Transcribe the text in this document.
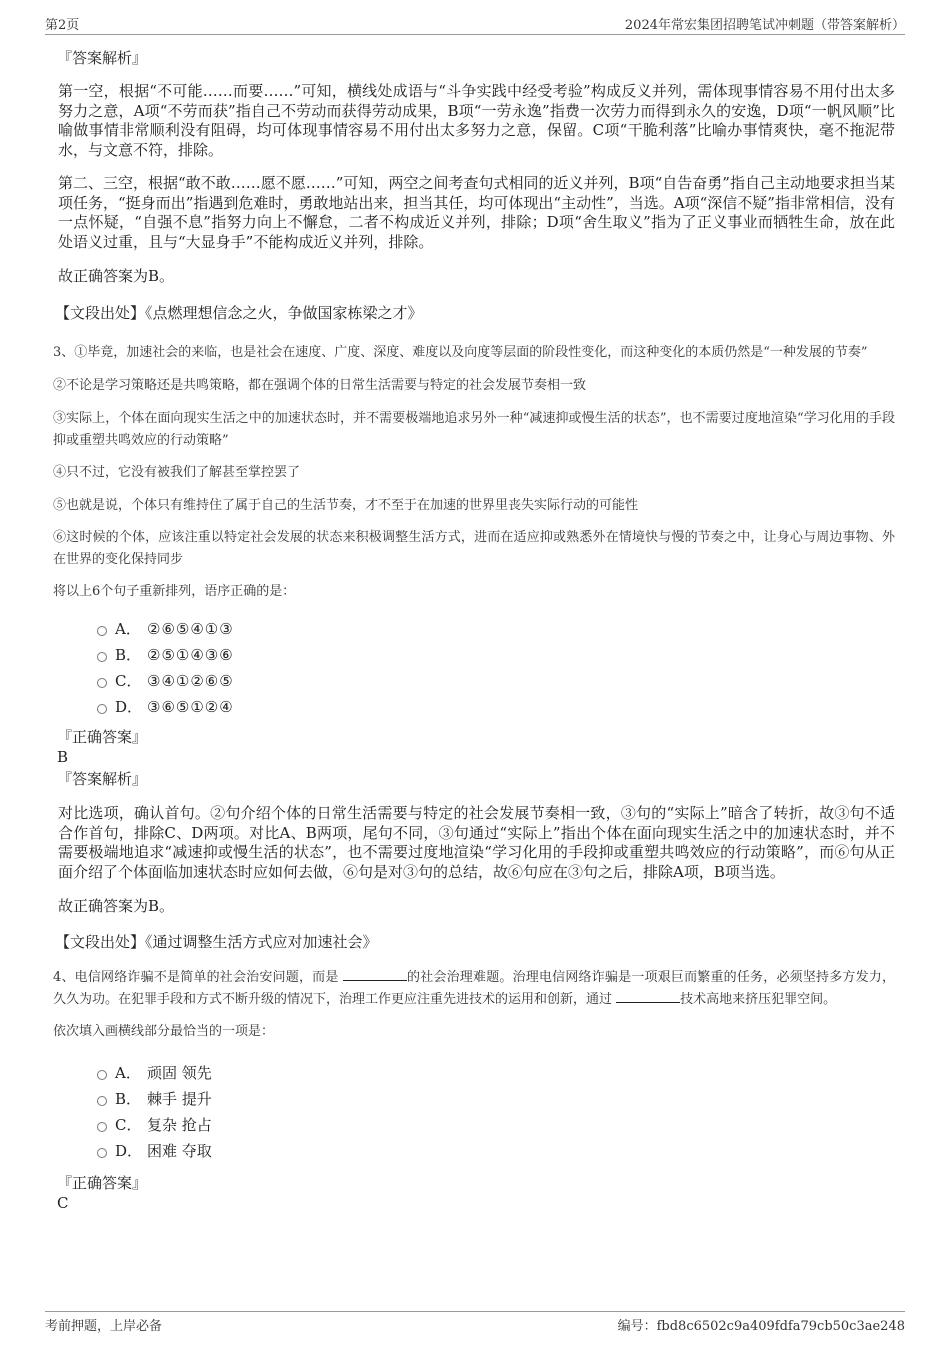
第2页	2024年常宏集团招聘笔试冲刺题（带答案解析）
『答案解析』
第一空，根据“不可能……而要……”可知，横线处成语与“斗争实践中经受考验”构成反义并列，需体现事情容易不用付出太多努力之意，A项“不劳而获”指自己不劳动而获得劳动成果，B项“一劳永逸”指费一次劳力而得到永久的安逸，D项“一帆风顺”比喻做事情非常顺利没有阻碍，均可体现事情容易不用付出太多努力之意，保留。C项“干脆利落”比喻办事情爽快，毫不拖泥带水，与文意不符，排除。
第二、三空，根据“敢不敢……愿不愿……”可知，两空之间考查句式相同的近义并列，B项“自告奋勇”指自己主动地要求担当某项任务，“挺身而出”指遇到危难时，勇敢地站出来，担当其任，均可体现出“主动性”，当选。A项“深信不疑”指非常相信，没有一点怀疑，“自强不息”指努力向上不懈怠，二者不构成近义并列，排除；D项“舍生取义”指为了正义事业而牺牲生命，放在此处语义过重，且与“大显身手”不能构成近义并列，排除。
故正确答案为B。
【文段出处】《点燃理想信念之火，争做国家栋梁之才》
3、①毕竟，加速社会的来临，也是社会在速度、广度、深度、难度以及向度等层面的阶段性变化，而这种变化的本质仍然是“一种发展的节奏”
②不论是学习策略还是共鸣策略，都在强调个体的日常生活需要与特定的社会发展节奏相一致
③实际上，个体在面向现实生活之中的加速状态时，并不需要极端地追求另外一种“减速抑或慢生活的状态”，也不需要过度地渲染“学习化用的手段抑或重塑共鸣效应的行动策略”
④只不过，它没有被我们了解甚至掌控罢了
⑤也就是说，个体只有维持住了属于自己的生活节奏，才不至于在加速的世界里丧失实际行动的可能性
⑥这时候的个体，应该注重以特定社会发展的状态来积极调整生活方式，进而在适应抑或熟悉外在情境快与慢的节奏之中，让身心与周边事物、外在世界的变化保持同步
将以上6个句子重新排列，语序正确的是：
A． ②⑥⑤④①③
B． ②⑤①④③⑥
C． ③④①②⑥⑤
D． ③⑥⑤①②④
『正确答案』
B
『答案解析』
对比选项，确认首句。②句介绍个体的日常生活需要与特定的社会发展节奏相一致，③句的“实际上”暗含了转折，故③句不适合作首句，排除C、D两项。对比A、B两项，尾句不同，③句通过“实际上”指出个体在面向现实生活之中的加速状态时，并不需要极端地追求“减速抑或慢生活的状态”，也不需要过度地渲染“学习化用的手段抑或重塑共鸣效应的行动策略”，而⑥句从正面介绍了个体面临加速状态时应如何去做，⑥句是对③句的总结，故⑥句应在③句之后，排除A项，B项当选。
故正确答案为B。
【文段出处】《通过调整生活方式应对加速社会》
4、电信网络诈骗不是简单的社会治安问题，而是	的社会治理难题。治理电信网络诈骗是一项艰巨而繁重的任务，必须坚持多方发力，久久为功。在犯罪手段和方式不断升级的情况下，治理工作更应注重先进技术的运用和创新，通过	技术高地来挤压犯罪空间。
依次填入画横线部分最恰当的一项是：
A． 顽固 领先
B． 棘手 提升
C． 复杂 抢占
D． 困难 夺取
『正确答案』
C
考前押题，上岸必备	编号：fbd8c6502c9a409fdfa79cb50c3ae248
